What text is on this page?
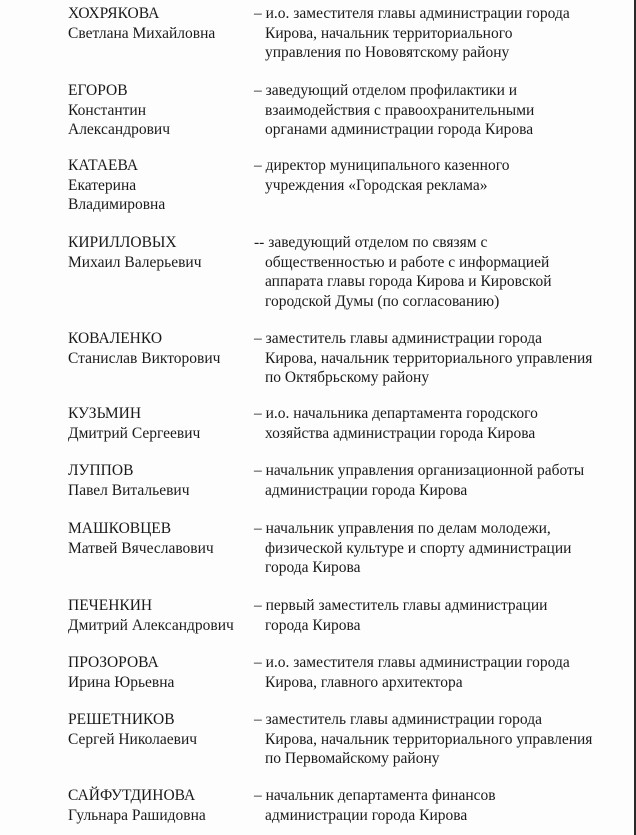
ХОХРЯКОВА
Светлана Михайловна
– и.о. заместителя главы администрации города
Кирова, начальник территориального
управления по Нововятскому району
ЕГОРОВ
Константин
Александрович
– заведующий отделом профилактики и
взаимодействия с правоохранительными
органами администрации города Кирова
КАТАЕВА
Екатерина
Владимировна
– директор муниципального казенного
учреждения «Городская реклама»
КИРИЛЛОВЫХ
Михаил Валерьевич
-- заведующий отделом по связям с
общественностью и работе с информацией
аппарата главы города Кирова и Кировской
городской Думы (по согласованию)
КОВАЛЕНКО
Станислав Викторович
– заместитель главы администрации города
Кирова, начальник территориального управления
по Октябрьскому району
КУЗЬМИН
Дмитрий Сергеевич
– и.о. начальника департамента городского
хозяйства администрации города Кирова
ЛУППОВ
Павел Витальевич
– начальник управления организационной работы
администрации города Кирова
МАШКОВЦЕВ
Матвей Вячеславович
– начальник управления по делам молодежи,
физической культуре и спорту администрации
города Кирова
ПЕЧЕНКИН
Дмитрий Александрович
– первый заместитель главы администрации
города Кирова
ПРОЗОРОВА
Ирина Юрьевна
– и.о. заместителя главы администрации города
Кирова, главного архитектора
РЕШЕТНИКОВ
Сергей Николаевич
– заместитель главы администрации города
Кирова, начальник территориального управления
по Первомайскому району
САЙФУТДИНОВА
Гульнара Рашидовна
– начальник департамента финансов
администрации города Кирова
